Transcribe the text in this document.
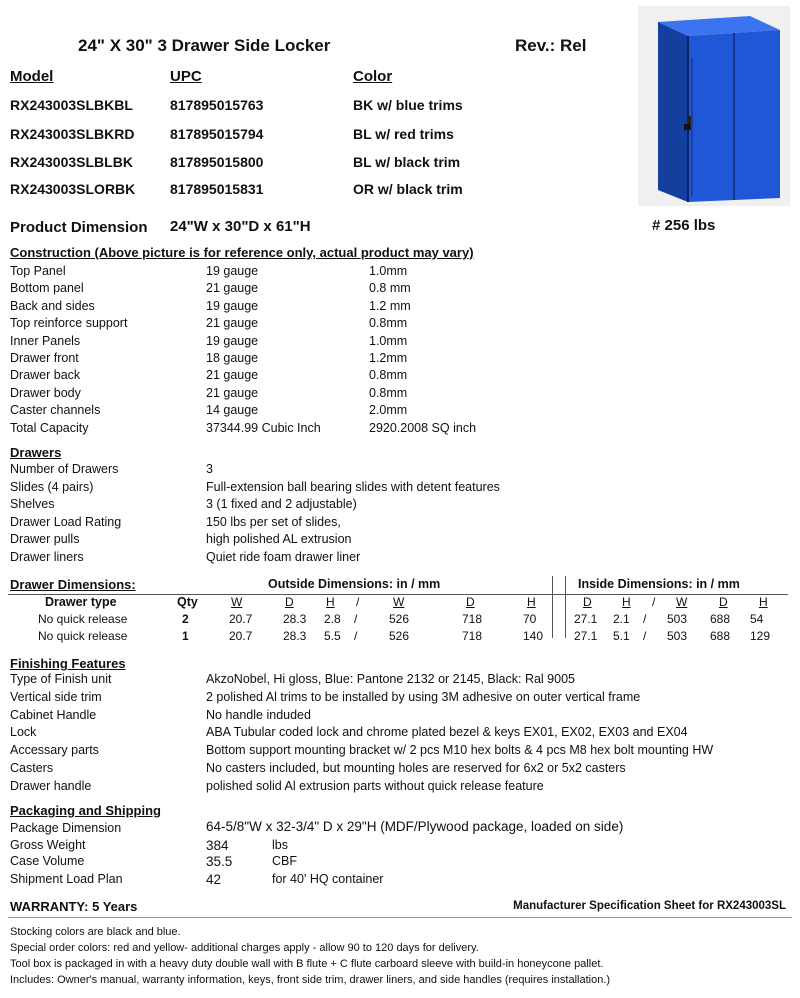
24" X 30" 3 Drawer Side Locker	Rev.: Rel
Model	UPC	Color
RX243003SLBKBL	817895015763	BK w/ blue trims
RX243003SLBKRD	817895015794	BL w/ red trims
RX243003SLBLBK	817895015800	BL w/ black trim
RX243003SLORBK 817895015831	OR w/ black trim
Product Dimension 24"W x 30"D x 61"H	# 256 lbs
Construction (Above picture is for reference only, actual product may vary)
Top Panel	19 gauge	1.0mm
Bottom panel	21 gauge	0.8 mm
Back and sides	19 gauge	1.2 mm
Top reinforce support	21 gauge	0.8mm
Inner Panels	19 gauge	1.0mm
Drawer front	18 gauge	1.2mm
Drawer back	21 gauge	0.8mm
Drawer body	21 gauge	0.8mm
Caster channels	14 gauge	2.0mm
Total Capacity	37344.99 Cubic Inch	2920.2008 SQ inch
Drawers
Number of Drawers	3
Slides (4 pairs)	Full-extension ball bearing slides with detent features
Shelves	3 (1 fixed and 2 adjustable)
Drawer Load Rating	150 lbs per set of slides,
Drawer pulls	high polished AL extrusion
Drawer liners	Quiet ride foam drawer liner
Drawer Dimensions:	Outside Dimensions: in / mm	Inside Dimensions: in / mm
Drawer type	Qty	W	D	H /	W	D	H	D	H / W	D	H
No quick release	2	20.7	28.3 2.8 /	526	718	70	27.1 2.1 / 503 688 54
No quick release	1	20.7	28.3 5.5 /	526	718	140	27.1 5.1 / 503 688 129
Finishing Features
Type of Finish unit	AkzoNobel, Hi gloss, Blue: Pantone 2132 or 2145, Black: Ral 9005
Vertical side trim	2 polished Al trims to be installed by using 3M adhesive on outer vertical frame
Cabinet Handle	No handle induded
Lock	ABA Tubular coded lock and chrome plated bezel & keys EX01, EX02, EX03 and EX04
Accessary parts	Bottom support mounting bracket w/ 2 pcs M10 hex bolts & 4 pcs M8 hex bolt mounting HW
Casters	No casters included, but mounting holes are reserved for 6x2 or 5x2 casters
Drawer handle	polished solid Al extrusion parts without quick release feature
Packaging and Shipping
Package Dimension	64-5/8"W x 32-3/4" D x 29"H (MDF/Plywood package, loaded on side)
Gross Weight	384	lbs
Case Volume	35.5	CBF
Shipment Load Plan	42	for 40' HQ container
WARRANTY: 5 Years	Manufacturer Specification Sheet for RX243003SL
Stocking colors are black and blue.
Special order colors: red and yellow- additional charges apply - allow 90 to 120 days for delivery.
Tool box is packaged in with a heavy duty double wall with B flute + C flute carboard sleeve with build-in honeycone pallet.
Includes: Owner's manual, warranty information, keys, front side trim, drawer liners, and side handles (requires installation.)
